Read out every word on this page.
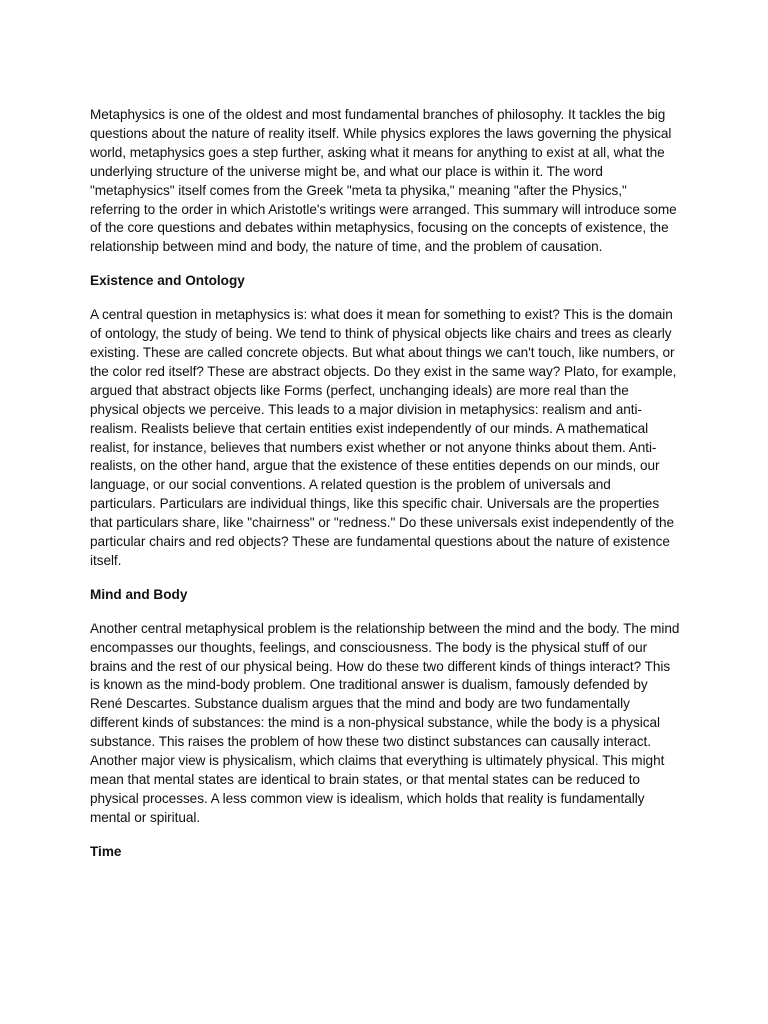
Metaphysics is one of the oldest and most fundamental branches of philosophy. It tackles the big questions about the nature of reality itself. While physics explores the laws governing the physical world, metaphysics goes a step further, asking what it means for anything to exist at all, what the underlying structure of the universe might be, and what our place is within it. The word "metaphysics" itself comes from the Greek "meta ta physika," meaning "after the Physics," referring to the order in which Aristotle's writings were arranged. This summary will introduce some of the core questions and debates within metaphysics, focusing on the concepts of existence, the relationship between mind and body, the nature of time, and the problem of causation.

Existence and Ontology

A central question in metaphysics is: what does it mean for something to exist? This is the domain of ontology, the study of being. We tend to think of physical objects like chairs and trees as clearly existing. These are called concrete objects. But what about things we can't touch, like numbers, or the color red itself? These are abstract objects. Do they exist in the same way? Plato, for example, argued that abstract objects like Forms (perfect, unchanging ideals) are more real than the physical objects we perceive. This leads to a major division in metaphysics: realism and anti-realism. Realists believe that certain entities exist independently of our minds. A mathematical realist, for instance, believes that numbers exist whether or not anyone thinks about them. Anti-realists, on the other hand, argue that the existence of these entities depends on our minds, our language, or our social conventions. A related question is the problem of universals and particulars. Particulars are individual things, like this specific chair. Universals are the properties that particulars share, like "chairness" or "redness." Do these universals exist independently of the particular chairs and red objects? These are fundamental questions about the nature of existence itself.

Mind and Body

Another central metaphysical problem is the relationship between the mind and the body. The mind encompasses our thoughts, feelings, and consciousness. The body is the physical stuff of our brains and the rest of our physical being. How do these two different kinds of things interact? This is known as the mind-body problem. One traditional answer is dualism, famously defended by René Descartes. Substance dualism argues that the mind and body are two fundamentally different kinds of substances: the mind is a non-physical substance, while the body is a physical substance. This raises the problem of how these two distinct substances can causally interact. Another major view is physicalism, which claims that everything is ultimately physical. This might mean that mental states are identical to brain states, or that mental states can be reduced to physical processes. A less common view is idealism, which holds that reality is fundamentally mental or spiritual.

Time
